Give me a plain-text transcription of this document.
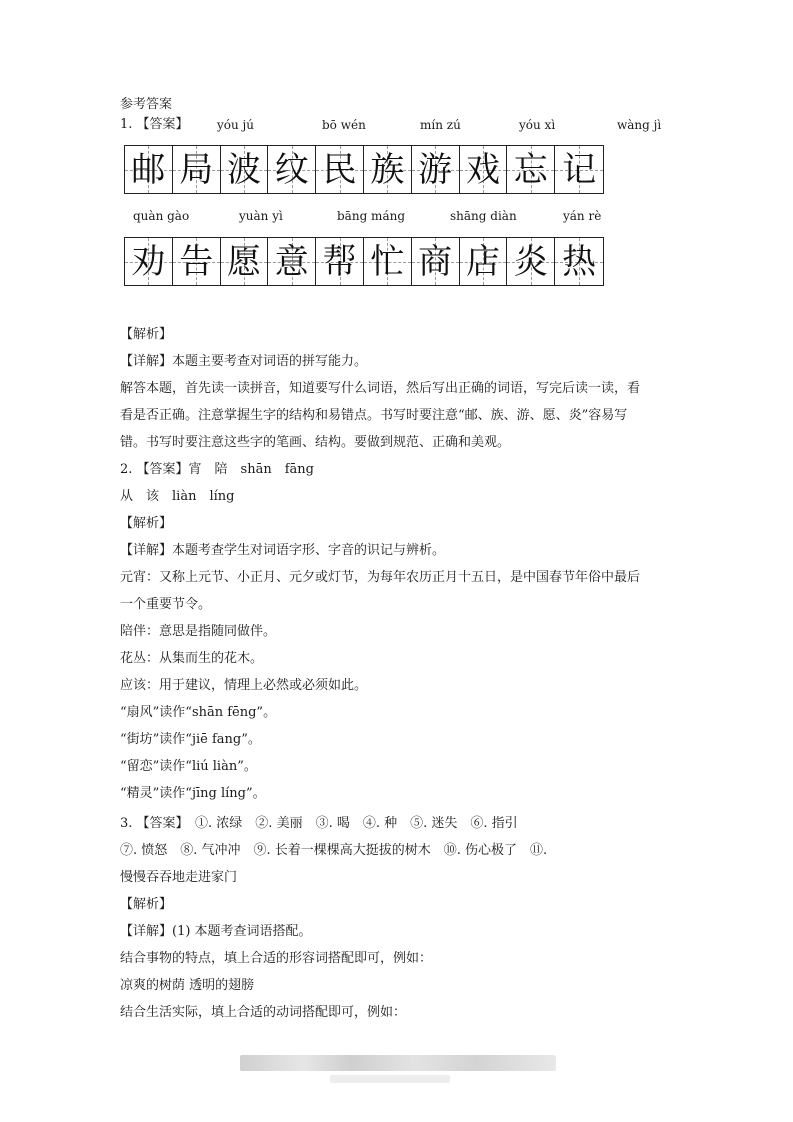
参考答案
1. 【答案】 yóu jú	bō wén	mín zú	yóu xì	wàng jì
邮 局 波 纹 民 族 游 戏 忘 记
quàn gào	yuàn yì	bāng máng	shāng diàn	yán rè
劝 告 愿 意 帮 忙 商 店 炎 热
【解析】
【详解】本题主要考查对词语的拼写能力。
解答本题，首先读一读拼音，知道要写什么词语，然后写出正确的词语，写完后读一读，看
看是否正确。注意掌握生字的结构和易错点。书写时要注意“邮、族、游、愿、炎”容易写
错。书写时要注意这些字的笔画、结构。要做到规范、正确和美观。
2. 【答案】宵　陪　shān　fāng
从　该　liàn　líng
【解析】
【详解】本题考查学生对词语字形、字音的识记与辨析。
元宵：又称上元节、小正月、元夕或灯节，为每年农历正月十五日，是中国春节年俗中最后
一个重要节令。
陪伴：意思是指随同做伴。
花丛：从集而生的花木。
应该：用于建议，情理上必然或必须如此。
“扇风”读作“shān fēng”。
“街坊”读作“jiē fang”。
“留恋”读作“liú liàn”。
“精灵”读作“jīng líng”。
3. 【答案】　①. 浓绿　②. 美丽　③. 喝　④. 种　⑤. 迷失　⑥. 指引
⑦. 愤怒　⑧. 气冲冲　⑨. 长着一棵棵高大挺拔的树木　⑩. 伤心极了　⑪.
慢慢吞吞地走进家门
【解析】
【详解】(1) 本题考查词语搭配。
结合事物的特点，填上合适的形容词搭配即可，例如：
凉爽的树荫 透明的翅膀
结合生活实际，填上合适的动词搭配即可，例如：
